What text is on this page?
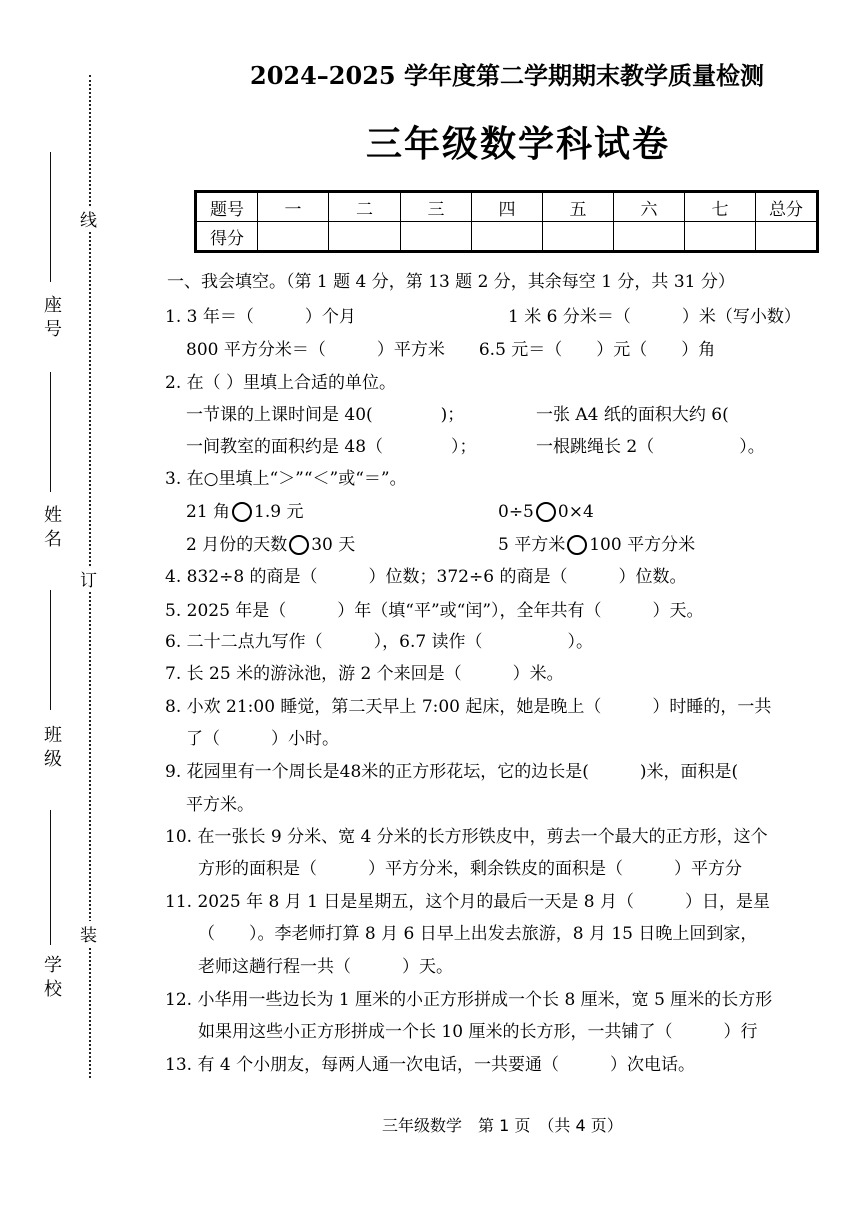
线
订
装
座号
姓名
班级
学校
2024–2025 学年度第二学期期末教学质量检测
三年级数学科试卷
题号	一	二	三	四	五	六	七	总分
得分								
一、我会填空。（第 1 题 4 分，第 13 题 2 分，其余每空 1 分，共 31 分）
1. 3 年＝（　　　）个月	1 米 6 分米＝（　　　）米（写小数）
800 平方分米＝（　　　）平方米　　6.5 元＝（　　）元（　　）角
2. 在（ ）里填上合适的单位。
一节课的上课时间是 40(　　　　)；	一张 A4 纸的面积大约 6(
一间教室的面积约是 48（　　　　）；	一根跳绳长 2（　　　　　）。
3. 在○里填上“＞”“＜”或“＝”。
21 角 1.9 元	0÷5 0×4
2 月份的天数 30 天	5 平方米 100 平方分米
4. 832÷8 的商是（　　　）位数；372÷6 的商是（　　　）位数。
5. 2025 年是（　　　）年（填“平”或“闰”），全年共有（　　　）天。
6. 二十二点九写作（　　　），6.7 读作（　　　　　）。
7. 长 25 米的游泳池，游 2 个来回是（　　　）米。
8. 小欢 21:00 睡觉，第二天早上 7:00 起床，她是晚上（　　　）时睡的，一共
了（　　　）小时。
9. 花园里有一个周长是48米的正方形花坛，它的边长是(　　　)米，面积是(
平方米。
10. 在一张长 9 分米、宽 4 分米的长方形铁皮中，剪去一个最大的正方形，这个
方形的面积是（　　　）平方分米，剩余铁皮的面积是（　　　）平方分
11. 2025 年 8 月 1 日是星期五，这个月的最后一天是 8 月（　　　）日，是星
（　　）。李老师打算 8 月 6 日早上出发去旅游，8 月 15 日晚上回到家，
老师这趟行程一共（　　　）天。
12. 小华用一些边长为 1 厘米的小正方形拼成一个长 8 厘米，宽 5 厘米的长方形
如果用这些小正方形拼成一个长 10 厘米的长方形，一共铺了（　　　）行
13. 有 4 个小朋友，每两人通一次电话，一共要通（　　　）次电话。
三年级数学　第 1 页　（共 4 页）
